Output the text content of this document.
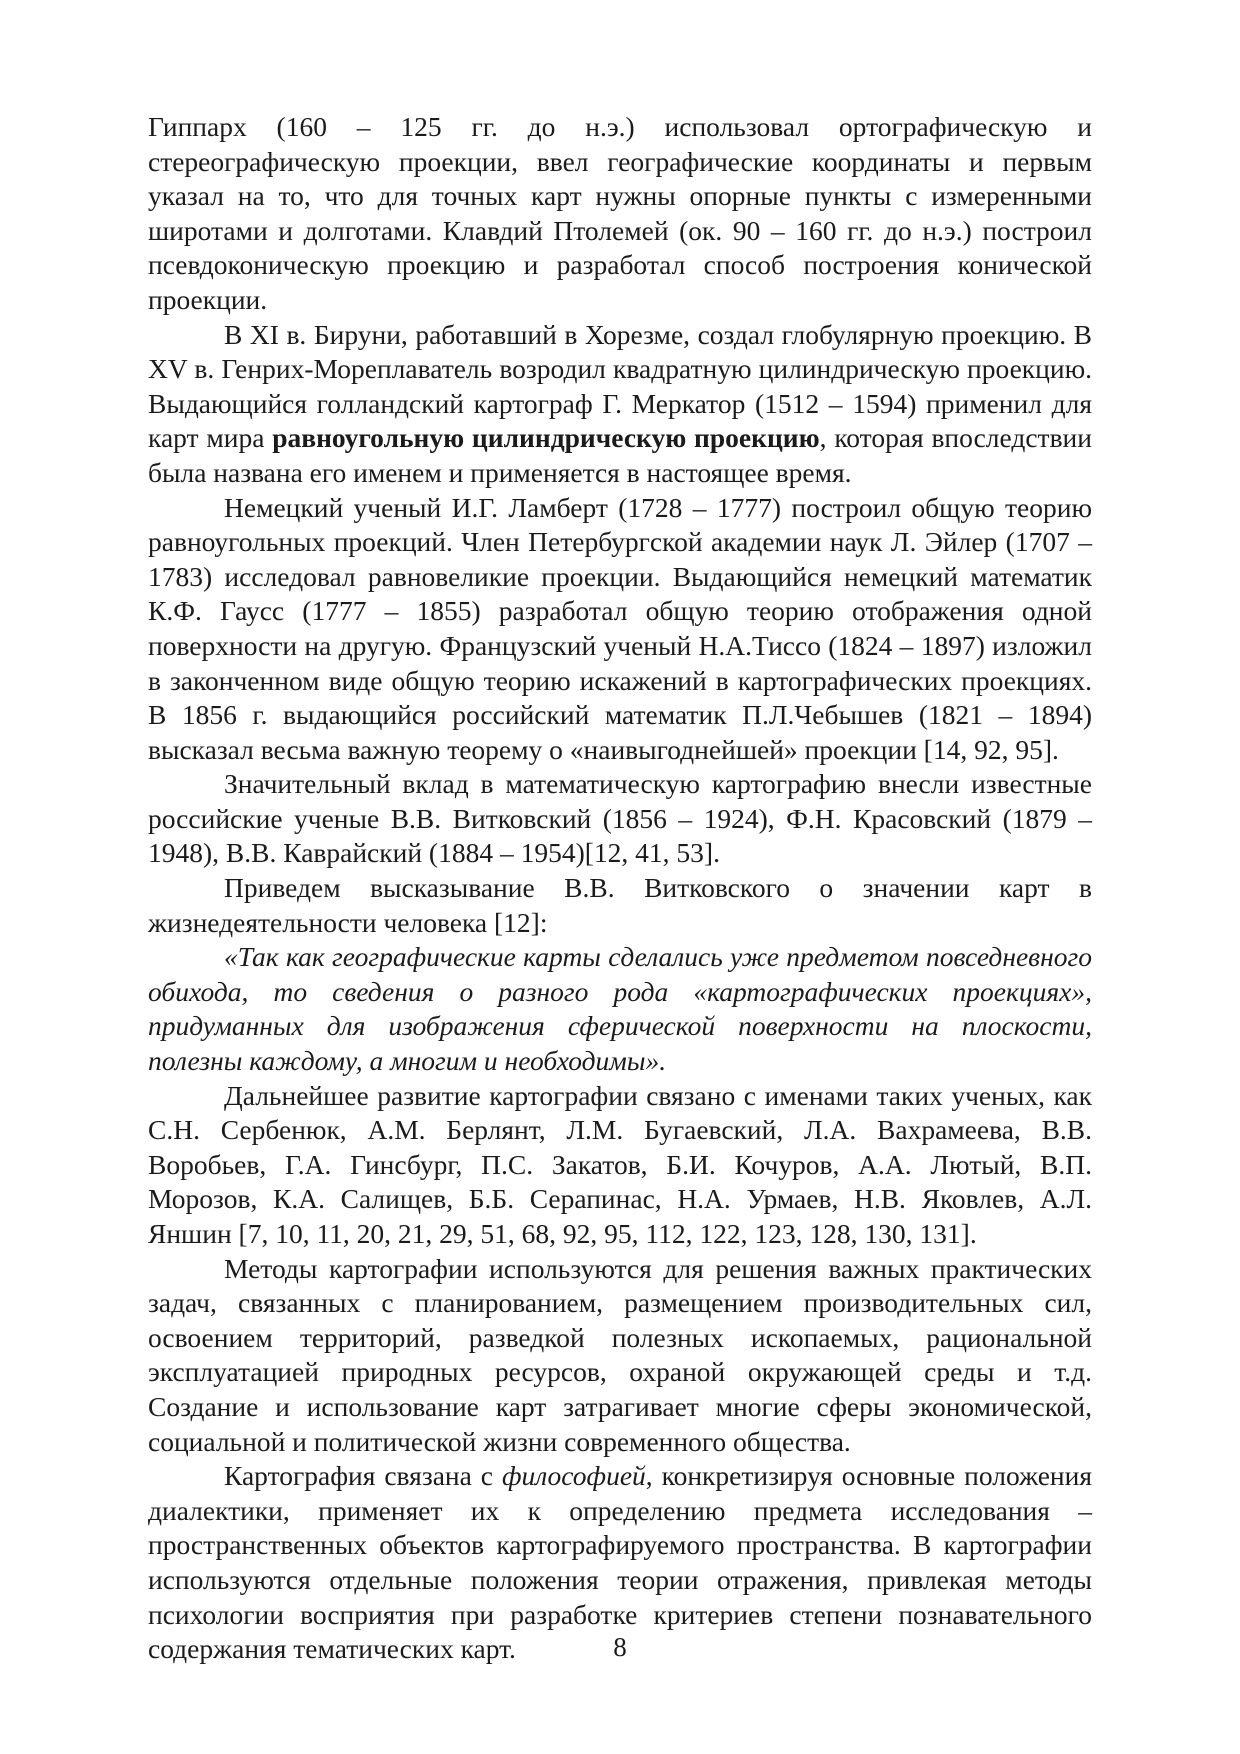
Гиппарх (160 – 125 гг. до н.э.) использовал ортографическую и стереографическую проекции, ввел географические координаты и первым указал на то, что для точных карт нужны опорные пункты с измеренными широтами и долготами. Клавдий Птолемей (ок. 90 – 160 гг. до н.э.) построил псевдоконическую проекцию и разработал способ построения конической проекции.

В XI в. Бируни, работавший в Хорезме, создал глобулярную проекцию. В XV в. Генрих-Мореплаватель возродил квадратную цилиндрическую проекцию. Выдающийся голландский картограф Г. Меркатор (1512 – 1594) применил для карт мира равноугольную цилиндрическую проекцию, которая впоследствии была названа его именем и применяется в настоящее время.

Немецкий ученый И.Г. Ламберт (1728 – 1777) построил общую теорию равноугольных проекций. Член Петербургской академии наук Л. Эйлер (1707 – 1783) исследовал равновеликие проекции. Выдающийся немецкий математик К.Ф. Гаусс (1777 – 1855) разработал общую теорию отображения одной поверхности на другую. Французский ученый Н.А.Тиссо (1824 – 1897) изложил в законченном виде общую теорию искажений в картографических проекциях. В 1856 г. выдающийся российский математик П.Л.Чебышев (1821 – 1894) высказал весьма важную теорему о «наивыгоднейшей» проекции [14, 92, 95].

Значительный вклад в математическую картографию внесли известные российские ученые В.В. Витковский (1856 – 1924), Ф.Н. Красовский (1879 – 1948), В.В. Каврайский (1884 – 1954)[12, 41, 53].

Приведем высказывание В.В. Витковского о значении карт в жизнедеятельности человека [12]:

«Так как географические карты сделались уже предметом повседневного обихода, то сведения о разного рода «картографических проекциях», придуманных для изображения сферической поверхности на плоскости, полезны каждому, а многим и необходимы».

Дальнейшее развитие картографии связано с именами таких ученых, как С.Н. Сербенюк, А.М. Берлянт, Л.М. Бугаевский, Л.А. Вахрамеева, В.В. Воробьев, Г.А. Гинсбург, П.С. Закатов, Б.И. Кочуров, А.А. Лютый, В.П. Морозов, К.А. Салищев, Б.Б. Серапинас, Н.А. Урмаев, Н.В. Яковлев, А.Л. Яншин [7, 10, 11, 20, 21, 29, 51, 68, 92, 95, 112, 122, 123, 128, 130, 131].

Методы картографии используются для решения важных практических задач, связанных с планированием, размещением производительных сил, освоением территорий, разведкой полезных ископаемых, рациональной эксплуатацией природных ресурсов, охраной окружающей среды и т.д. Создание и использование карт затрагивает многие сферы экономической, социальной и политической жизни современного общества.

Картография связана с философией, конкретизируя основные положения диалектики, применяет их к определению предмета исследования – пространственных объектов картографируемого пространства. В картографии используются отдельные положения теории отражения, привлекая методы психологии восприятия при разработке критериев степени познавательного содержания тематических карт.	8
